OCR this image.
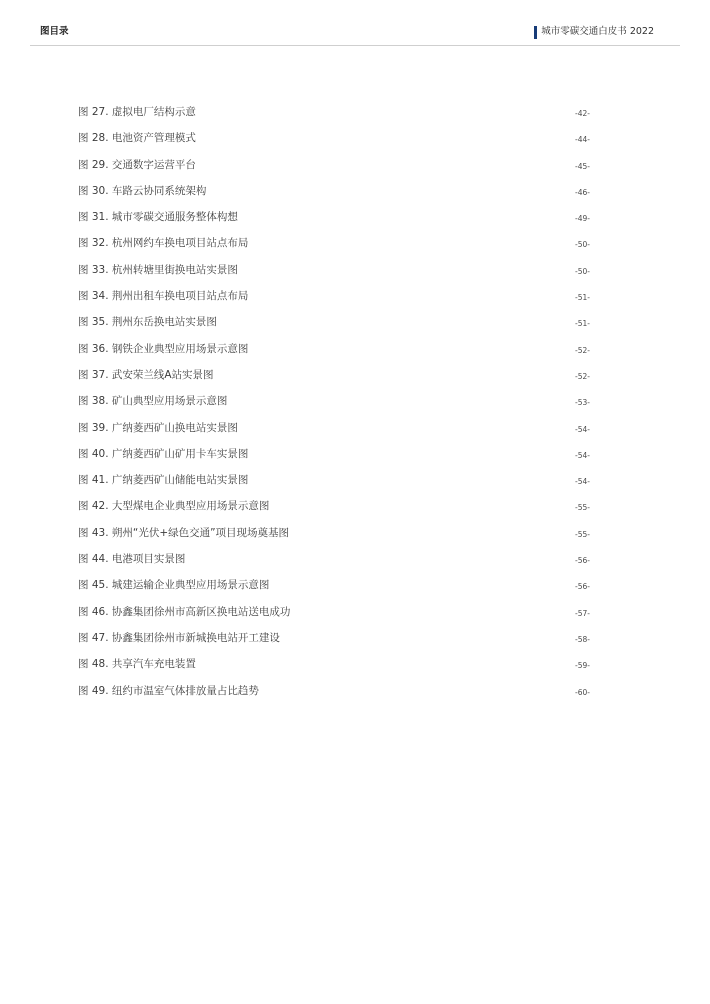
图目录	城市零碳交通白皮书 2022
图 27. 虚拟电厂结构示意	-42-
图 28. 电池资产管理模式	-44-
图 29. 交通数字运营平台	-45-
图 30. 车路云协同系统架构	-46-
图 31. 城市零碳交通服务整体构想	-49-
图 32. 杭州网约车换电项目站点布局	-50-
图 33. 杭州转塘里街换电站实景图	-50-
图 34. 荆州出租车换电项目站点布局	-51-
图 35. 荆州东岳换电站实景图	-51-
图 36. 钢铁企业典型应用场景示意图	-52-
图 37. 武安荣兰线A站实景图	-52-
图 38. 矿山典型应用场景示意图	-53-
图 39. 广纳菱西矿山换电站实景图	-54-
图 40. 广纳菱西矿山矿用卡车实景图	-54-
图 41. 广纳菱西矿山储能电站实景图	-54-
图 42. 大型煤电企业典型应用场景示意图	-55-
图 43. 朔州“光伏+绿色交通”项目现场奠基图	-55-
图 44. 电港项目实景图	-56-
图 45. 城建运输企业典型应用场景示意图	-56-
图 46. 协鑫集团徐州市高新区换电站送电成功	-57-
图 47. 协鑫集团徐州市新城换电站开工建设	-58-
图 48. 共享汽车充电装置	-59-
图 49. 纽约市温室气体排放量占比趋势	-60-
